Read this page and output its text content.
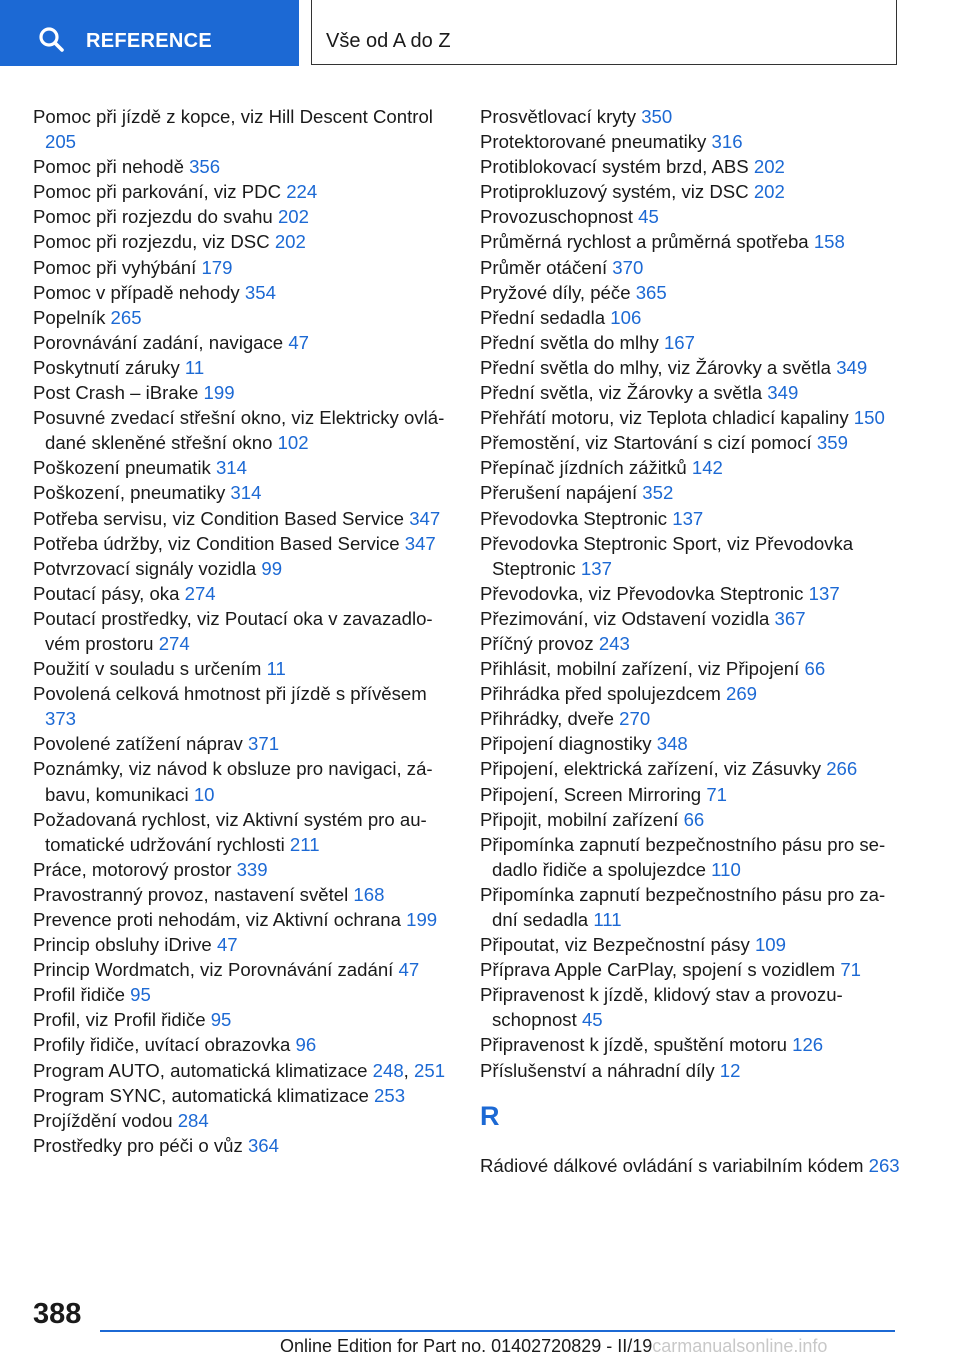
REFERENCE	Vše od A do Z
Pomoc při jízdě z kopce, viz Hill Descent Control 205
Pomoc při nehodě 356
Pomoc při parkování, viz PDC 224
Pomoc při rozjezdu do svahu 202
Pomoc při rozjezdu, viz DSC 202
Pomoc při vyhýbání 179
Pomoc v případě nehody 354
Popelník 265
Porovnávání zadání, navigace 47
Poskytnutí záruky 11
Post Crash – iBrake 199
Posuvné zvedací střešní okno, viz Elektricky ovládané skleněné střešní okno 102
Poškození pneumatik 314
Poškození, pneumatiky 314
Potřeba servisu, viz Condition Based Service 347
Potřeba údržby, viz Condition Based Service 347
Potvrzovací signály vozidla 99
Poutací pásy, oka 274
Poutací prostředky, viz Poutací oka v zavazadlovém prostoru 274
Použití v souladu s určením 11
Povolená celková hmotnost při jízdě s přívěsem 373
Povolené zatížení náprav 371
Poznámky, viz návod k obsluze pro navigaci, zábavu, komunikaci 10
Požadovaná rychlost, viz Aktivní systém pro automatické udržování rychlosti 211
Práce, motorový prostor 339
Pravostranný provoz, nastavení světel 168
Prevence proti nehodám, viz Aktivní ochrana 199
Princip obsluhy iDrive 47
Princip Wordmatch, viz Porovnávání zadání 47
Profil řidiče 95
Profil, viz Profil řidiče 95
Profily řidiče, uvítací obrazovka 96
Program AUTO, automatická klimatizace 248, 251
Program SYNC, automatická klimatizace 253
Projíždění vodou 284
Prostředky pro péči o vůz 364
Prosvětlovací kryty 350
Protektorované pneumatiky 316
Protiblokovací systém brzd, ABS 202
Protiprokluzový systém, viz DSC 202
Provozuschopnost 45
Průměrná rychlost a průměrná spotřeba 158
Průměr otáčení 370
Pryžové díly, péče 365
Přední sedadla 106
Přední světla do mlhy 167
Přední světla do mlhy, viz Žárovky a světla 349
Přední světla, viz Žárovky a světla 349
Přehřátí motoru, viz Teplota chladicí kapaliny 150
Přemostění, viz Startování s cizí pomocí 359
Přepínač jízdních zážitků 142
Přerušení napájení 352
Převodovka Steptronic 137
Převodovka Steptronic Sport, viz Převodovka Steptronic 137
Převodovka, viz Převodovka Steptronic 137
Přezimování, viz Odstavení vozidla 367
Příčný provoz 243
Přihlásit, mobilní zařízení, viz Připojení 66
Přihrádka před spolujezdcem 269
Přihrádky, dveře 270
Připojení diagnostiky 348
Připojení, elektrická zařízení, viz Zásuvky 266
Připojení, Screen Mirroring 71
Připojit, mobilní zařízení 66
Připomínka zapnutí bezpečnostního pásu pro sedadlo řidiče a spolujezdce 110
Připomínka zapnutí bezpečnostního pásu pro zadní sedadla 111
Připoutat, viz Bezpečnostní pásy 109
Příprava Apple CarPlay, spojení s vozidlem 71
Připravenost k jízdě, klidový stav a provozuschopnost 45
Připravenost k jízdě, spuštění motoru 126
Příslušenství a náhradní díly 12
R
Rádiové dálkové ovládání s variabilním kódem 263
388
Online Edition for Part no. 01402720829 - II/19carmanualsonline.info
